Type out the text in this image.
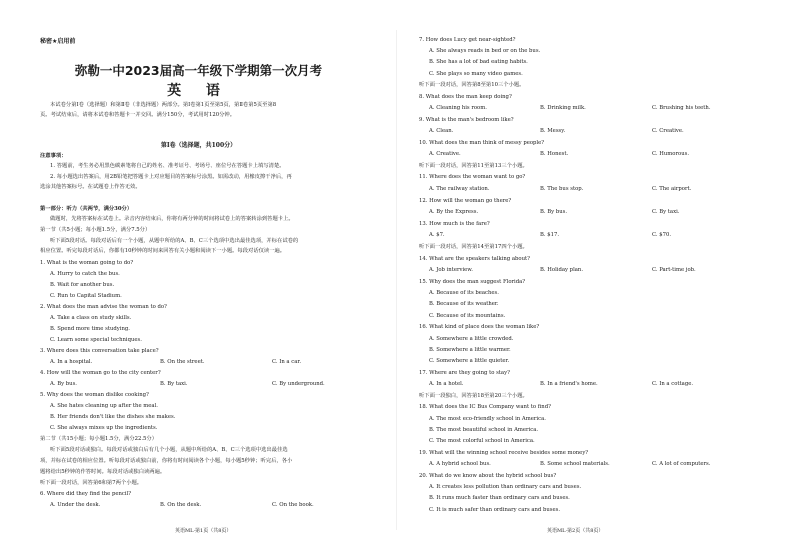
秘密★启用前
弥勒一中2023届高一年级下学期第一次月考
英 语
本试卷分第Ⅰ卷（选择题）和第Ⅱ卷（非选择题）两部分。第Ⅰ卷第1页至第5页，第Ⅱ卷第5页至第8
页。考试结束后，请将本试卷和答题卡一并交回。满分150分，考试用时120分钟。
第Ⅰ卷（选择题，共100分）
注意事项：
1. 答题前，考生务必用黑色碳素笔将自己的姓名、准考证号、考场号、座位号在答题卡上填写清楚。
2. 每小题选出答案后，用2B铅笔把答题卡上对应题目的答案标号涂黑。如需改动，用橡皮擦干净后，再
选涂其他答案标号。在试题卷上作答无效。
第一部分：听力（共两节，满分30分）
做题时，先将答案标在试卷上。录音内容结束后，你将有两分钟的时间将试卷上的答案转涂到答题卡上。
第一节（共5小题；每小题1.5分，满分7.5分）
听下面5段对话。每段对话后有一个小题，从题中所给的A、B、C三个选项中选出最佳选项，并标在试卷的
相应位置。听完每段对话后，你都有10秒钟的时间来回答有关小题和阅读下一小题。每段对话仅读一遍。
1. What is the woman going to do?
A. Hurry to catch the bus.
B. Wait for another bus.
C. Run to Capital Stadium.
2. What does the man advise the woman to do?
A. Take a class on study skills.
B. Spend more time studying.
C. Learn some special techniques.
3. Where does this conversation take place?
A. In a hospital.	B. On the street.	C. In a car.
4. How will the woman go to the city center?
A. By bus.	B. By taxi.	C. By underground.
5. Why does the woman dislike cooking?
A. She hates cleaning up after the meal.
B. Her friends don't like the dishes she makes.
C. She always mixes up the ingredients.
第二节（共15小题；每小题1.5分，满分22.5分）
听下面5段对话或独白。每段对话或独白后有几个小题，从题中所给的A、B、C三个选项中选出最佳选
项，并标在试卷的相应位置。听每段对话或独白前，你将有时间阅读各个小题，每小题5秒钟；听完后，各小
题将给出5秒钟的作答时间。每段对话或独白读两遍。
听下面一段对话，回答第6和第7两个小题。
6. Where did they find the pencil?
A. Under the desk.	B. On the desk.	C. On the book.
英语ML·第1页（共8页）
7. How does Lucy get near-sighted?
A. She always reads in bed or on the bus.
B. She has a lot of bad eating habits.
C. She plays so many video games.
听下面一段对话，回答第8至第10三个小题。
8. What does the man keep doing?
A. Cleaning his room.	B. Drinking milk.	C. Brushing his teeth.
9. What is the man's bedroom like?
A. Clean.	B. Messy.	C. Creative.
10. What does the man think of messy people?
A. Creative.	B. Honest.	C. Humorous.
听下面一段对话，回答第11至第13三个小题。
11. Where does the woman want to go?
A. The railway station.	B. The bus stop.	C. The airport.
12. How will the woman go there?
A. By the Express.	B. By bus.	C. By taxi.
13. How much is the fare?
A. $7.	B. $17.	C. $70.
听下面一段对话，回答第14至第17四个小题。
14. What are the speakers talking about?
A. Job interview.	B. Holiday plan.	C. Part-time job.
15. Why does the man suggest Florida?
A. Because of its beaches.
B. Because of its weather.
C. Because of its mountains.
16. What kind of place does the woman like?
A. Somewhere a little crowded.
B. Somewhere a little warmer.
C. Somewhere a little quieter.
17. Where are they going to stay?
A. In a hotel.	B. In a friend's home.	C. In a cottage.
听下面一段独白，回答第18至第20三个小题。
18. What does the IC Bus Company want to find?
A. The most eco-friendly school in America.
B. The most beautiful school in America.
C. The most colorful school in America.
19. What will the winning school receive besides some money?
A. A hybrid school bus.	B. Some school materials.	C. A lot of computers.
20. What do we know about the hybrid school bus?
A. It creates less pollution than ordinary cars and buses.
B. It runs much faster than ordinary cars and buses.
C. It is much safer than ordinary cars and buses.
英语ML·第2页（共8页）
